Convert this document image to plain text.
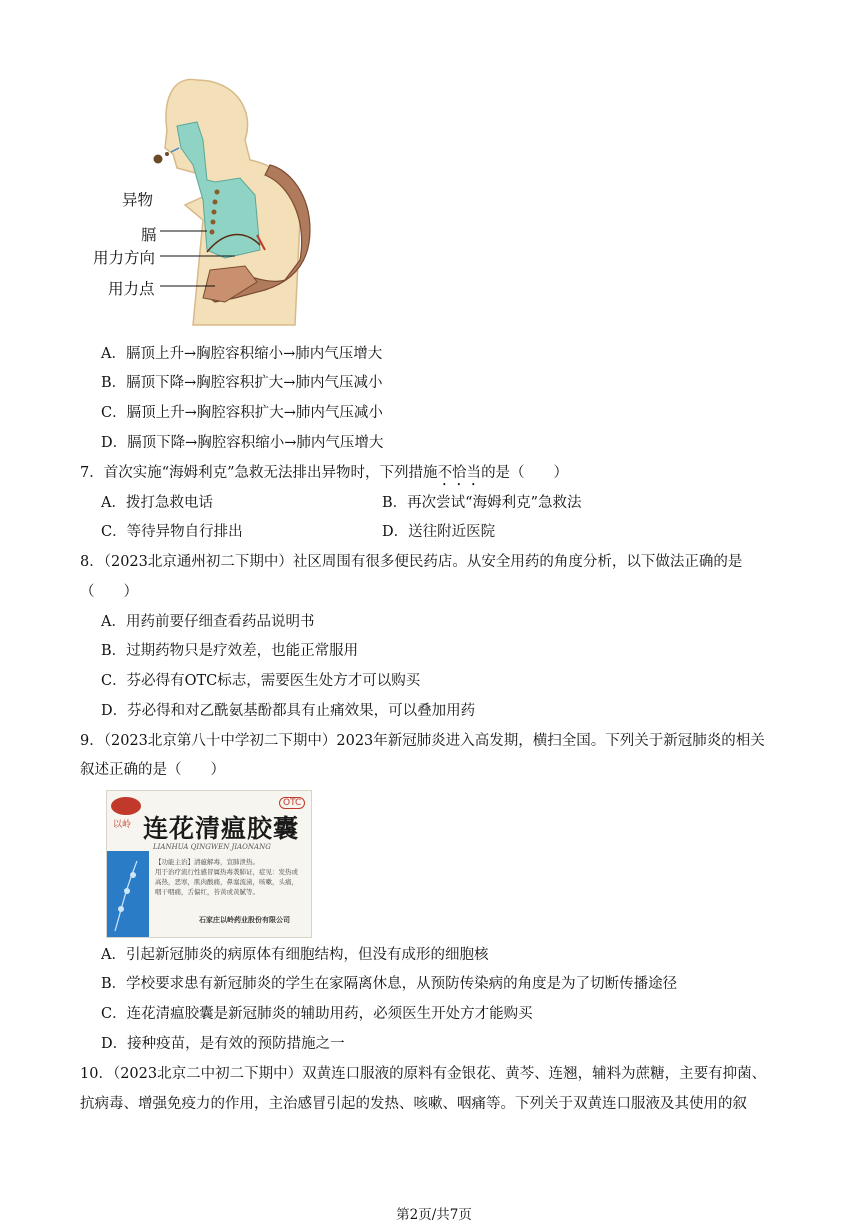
异物
膈
用力方向
用力点
A．膈顶上升→胸腔容积缩小→肺内气压增大
B．膈顶下降→胸腔容积扩大→肺内气压减小
C．膈顶上升→胸腔容积扩大→肺内气压减小
D．膈顶下降→胸腔容积缩小→肺内气压增大
7．首次实施“海姆利克”急救无法排出异物时，下列措施不恰当的是（　　）
A．拨打急救电话	B．再次尝试“海姆利克”急救法
C．等待异物自行排出	D．送往附近医院
8．（2023北京通州初二下期中）社区周围有很多便民药店。从安全用药的角度分析，以下做法正确的是
（　　）
A．用药前要仔细查看药品说明书
B．过期药物只是疗效差，也能正常服用
C．芬必得有OTC标志，需要医生处方才可以购买
D．芬必得和对乙酰氨基酚都具有止痛效果，可以叠加用药
9．（2023北京第八十中学初二下期中）2023年新冠肺炎进入高发期，横扫全国。下列关于新冠肺炎的相关
叙述正确的是（　　）
以岭
OTC
连花清瘟胶囊
LIANHUA QINGWEN JIAONANG
【功能主治】清瘟解毒，宣肺泄热。
用于治疗流行性感冒属热毒袭肺证，症见：发热或
高热，恶寒，肌肉酸痛，鼻塞流涕，咳嗽，头痛，
咽干咽痛，舌偏红，苔黄或黄腻等。
石家庄以岭药业股份有限公司
A．引起新冠肺炎的病原体有细胞结构，但没有成形的细胞核
B．学校要求患有新冠肺炎的学生在家隔离休息，从预防传染病的角度是为了切断传播途径
C．连花清瘟胶囊是新冠肺炎的辅助用药，必须医生开处方才能购买
D．接种疫苗，是有效的预防措施之一
10．（2023北京二中初二下期中）双黄连口服液的原料有金银花、黄芩、连翘，辅料为蔗糖，主要有抑菌、
抗病毒、增强免疫力的作用，主治感冒引起的发热、咳嗽、咽痛等。下列关于双黄连口服液及其使用的叙
第2页/共7页
